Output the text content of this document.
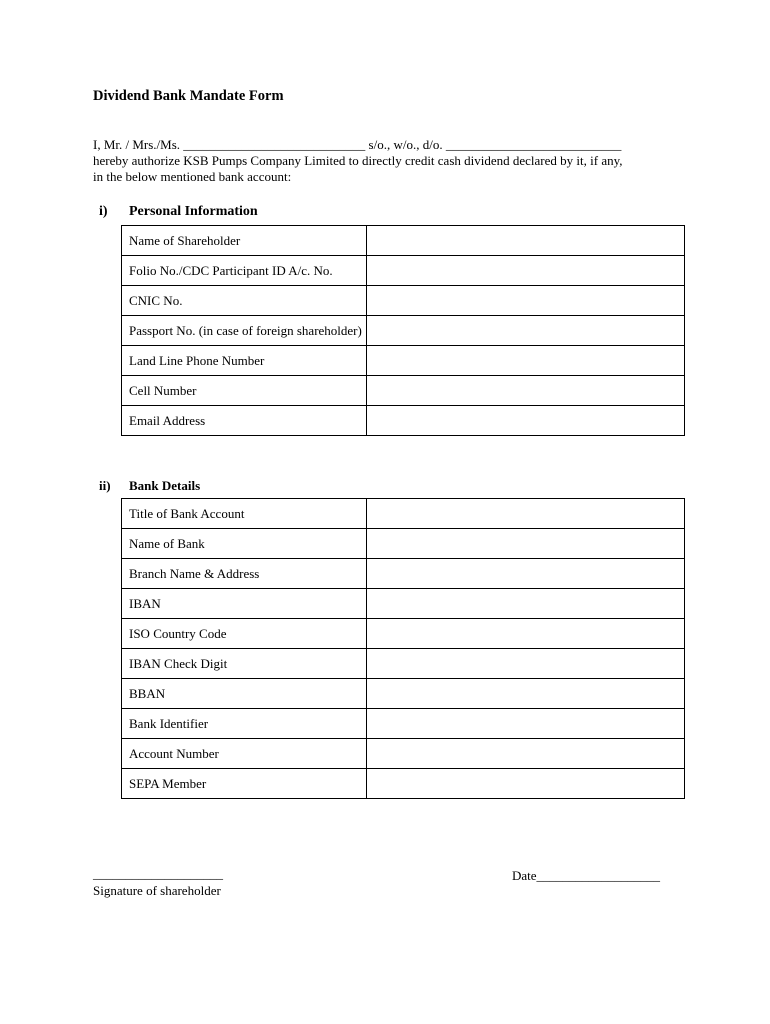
Dividend Bank Mandate Form
I, Mr. / Mrs./Ms. ____________________________ s/o., w/o., d/o. ___________________________
hereby authorize KSB Pumps Company Limited to directly credit cash dividend declared by it, if any,
in the below mentioned bank account:
i) Personal Information
Name of Shareholder	
Folio No./CDC Participant ID A/c. No.	
CNIC No.	
Passport No. (in case of foreign shareholder)	
Land Line Phone Number	
Cell Number	
Email Address	
ii) Bank Details
Title of Bank Account	
Name of Bank	
Branch Name & Address	
IBAN	
ISO Country Code	
IBAN Check Digit	
BBAN	
Bank Identifier	
Account Number	
SEPA Member	
____________________
Signature of shareholder
Date___________________
